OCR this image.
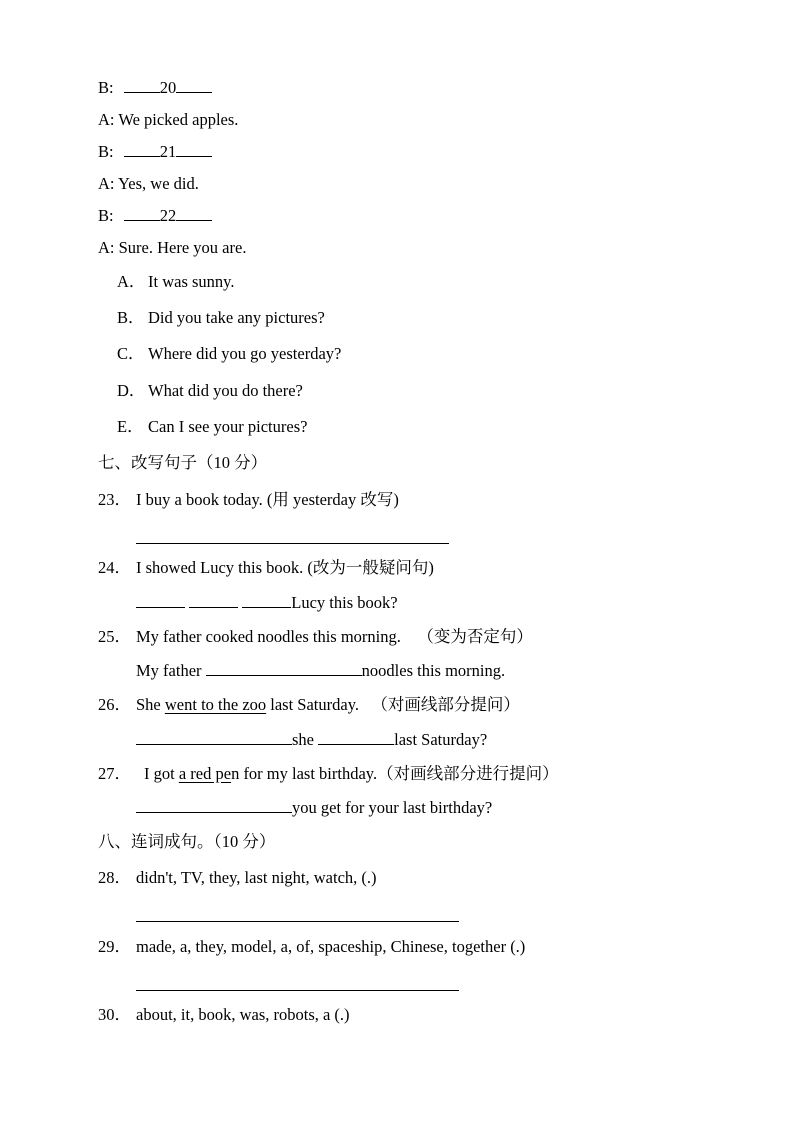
B:	20
A: We picked apples.
B:	21
A: Yes, we did.
B:	22
A: Sure. Here you are.
A． It was sunny.
B． Did you take any pictures?
C． Where did you go yesterday?
D． What did you do there?
E． Can I see your pictures?
七、改写句子（10 分）
23． I buy a book today. (用 yesterday 改写)
24． I showed Lucy this book. (改为一般疑问句)
Lucy this book?
25． My father cooked noodles this morning. （变为否定句）
My father	noodles this morning.
26． She went to the zoo last Saturday. （对画线部分提问）
she	last Saturday?
27． I got a red pen for my last birthday.（对画线部分进行提问）
you get for your last birthday?
八、连词成句。（10 分）
28． didn't, TV, they, last night, watch, (.)
29． made, a, they, model, a, of, spaceship, Chinese, together (.)
30． about, it, book, was, robots, a (.)
